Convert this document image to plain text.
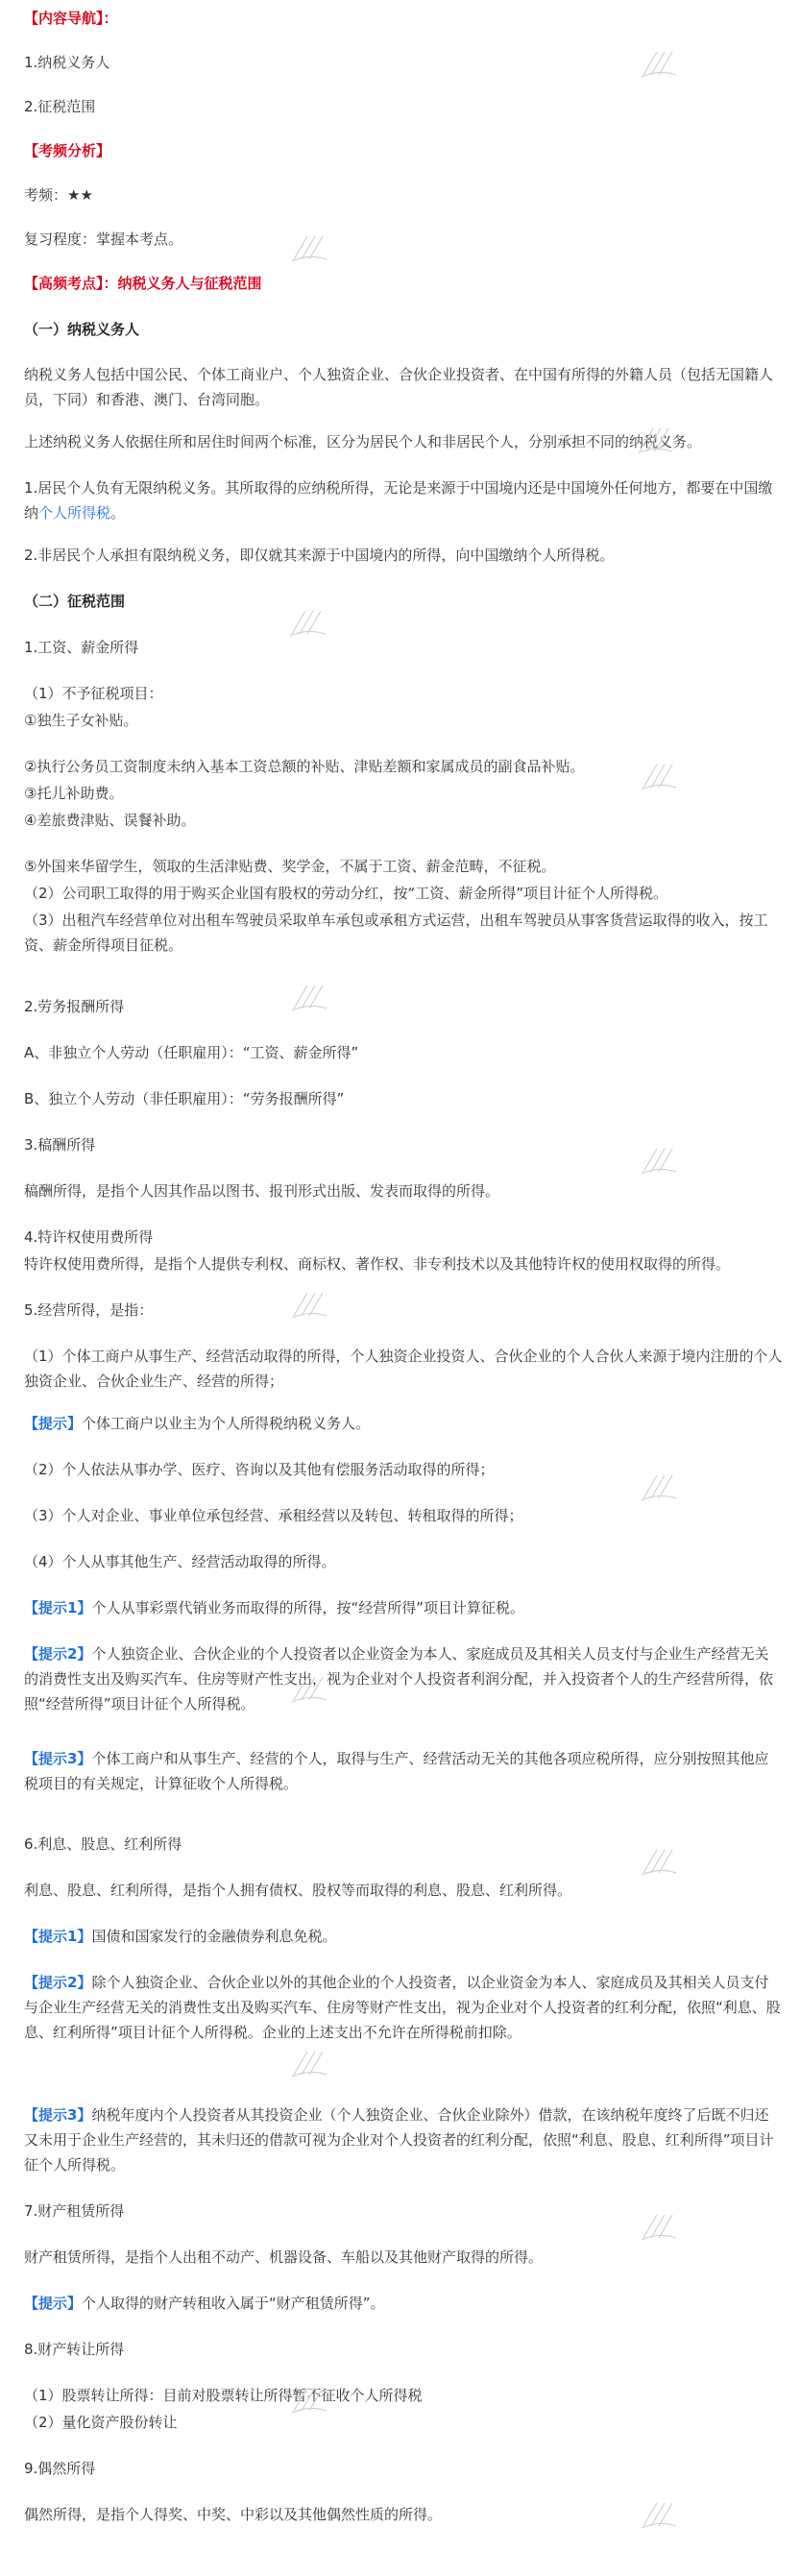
【内容导航】：
1.纳税义务人
2.征税范围
【考频分析】
考频：★★
复习程度：掌握本考点。
【高频考点】：纳税义务人与征税范围
（一）纳税义务人
纳税义务人包括中国公民、个体工商业户、个人独资企业、合伙企业投资者、在中国有所得的外籍人员（包括无国籍人员，下同）和香港、澳门、台湾同胞。
上述纳税义务人依据住所和居住时间两个标准，区分为居民个人和非居民个人，分别承担不同的纳税义务。
1.居民个人负有无限纳税义务。其所取得的应纳税所得，无论是来源于中国境内还是中国境外任何地方，都要在中国缴纳个人所得税。
2.非居民个人承担有限纳税义务，即仅就其来源于中国境内的所得，向中国缴纳个人所得税。
（二）征税范围
1.工资、薪金所得
（1）不予征税项目：
①独生子女补贴。
②执行公务员工资制度未纳入基本工资总额的补贴、津贴差额和家属成员的副食品补贴。
③托儿补助费。
④差旅费津贴、误餐补助。
⑤外国来华留学生，领取的生活津贴费、奖学金，不属于工资、薪金范畴，不征税。
（2）公司职工取得的用于购买企业国有股权的劳动分红，按“工资、薪金所得”项目计征个人所得税。
（3）出租汽车经营单位对出租车驾驶员采取单车承包或承租方式运营，出租车驾驶员从事客货营运取得的收入，按工资、薪金所得项目征税。
2.劳务报酬所得
A、非独立个人劳动（任职雇用）：“工资、薪金所得”
B、独立个人劳动（非任职雇用）：“劳务报酬所得”
3.稿酬所得
稿酬所得，是指个人因其作品以图书、报刊形式出版、发表而取得的所得。
4.特许权使用费所得
特许权使用费所得，是指个人提供专利权、商标权、著作权、非专利技术以及其他特许权的使用权取得的所得。
5.经营所得，是指：
（1）个体工商户从事生产、经营活动取得的所得，个人独资企业投资人、合伙企业的个人合伙人来源于境内注册的个人独资企业、合伙企业生产、经营的所得；
【提示】个体工商户以业主为个人所得税纳税义务人。
（2）个人依法从事办学、医疗、咨询以及其他有偿服务活动取得的所得；
（3）个人对企业、事业单位承包经营、承租经营以及转包、转租取得的所得；
（4）个人从事其他生产、经营活动取得的所得。
【提示1】个人从事彩票代销业务而取得的所得，按“经营所得”项目计算征税。
【提示2】个人独资企业、合伙企业的个人投资者以企业资金为本人、家庭成员及其相关人员支付与企业生产经营无关的消费性支出及购买汽车、住房等财产性支出，视为企业对个人投资者利润分配，并入投资者个人的生产经营所得，依照“经营所得”项目计征个人所得税。
【提示3】个体工商户和从事生产、经营的个人，取得与生产、经营活动无关的其他各项应税所得，应分别按照其他应税项目的有关规定，计算征收个人所得税。
6.利息、股息、红利所得
利息、股息、红利所得，是指个人拥有债权、股权等而取得的利息、股息、红利所得。
【提示1】国债和国家发行的金融债券利息免税。
【提示2】除个人独资企业、合伙企业以外的其他企业的个人投资者，以企业资金为本人、家庭成员及其相关人员支付与企业生产经营无关的消费性支出及购买汽车、住房等财产性支出，视为企业对个人投资者的红利分配，依照“利息、股息、红利所得”项目计征个人所得税。企业的上述支出不允许在所得税前扣除。
【提示3】纳税年度内个人投资者从其投资企业（个人独资企业、合伙企业除外）借款，在该纳税年度终了后既不归还又未用于企业生产经营的，其未归还的借款可视为企业对个人投资者的红利分配，依照“利息、股息、红利所得”项目计征个人所得税。
7.财产租赁所得
财产租赁所得，是指个人出租不动产、机器设备、车船以及其他财产取得的所得。
【提示】个人取得的财产转租收入属于“财产租赁所得”。
8.财产转让所得
（1）股票转让所得：目前对股票转让所得暂不征收个人所得税
（2）量化资产股份转让
9.偶然所得
偶然所得，是指个人得奖、中奖、中彩以及其他偶然性质的所得。
